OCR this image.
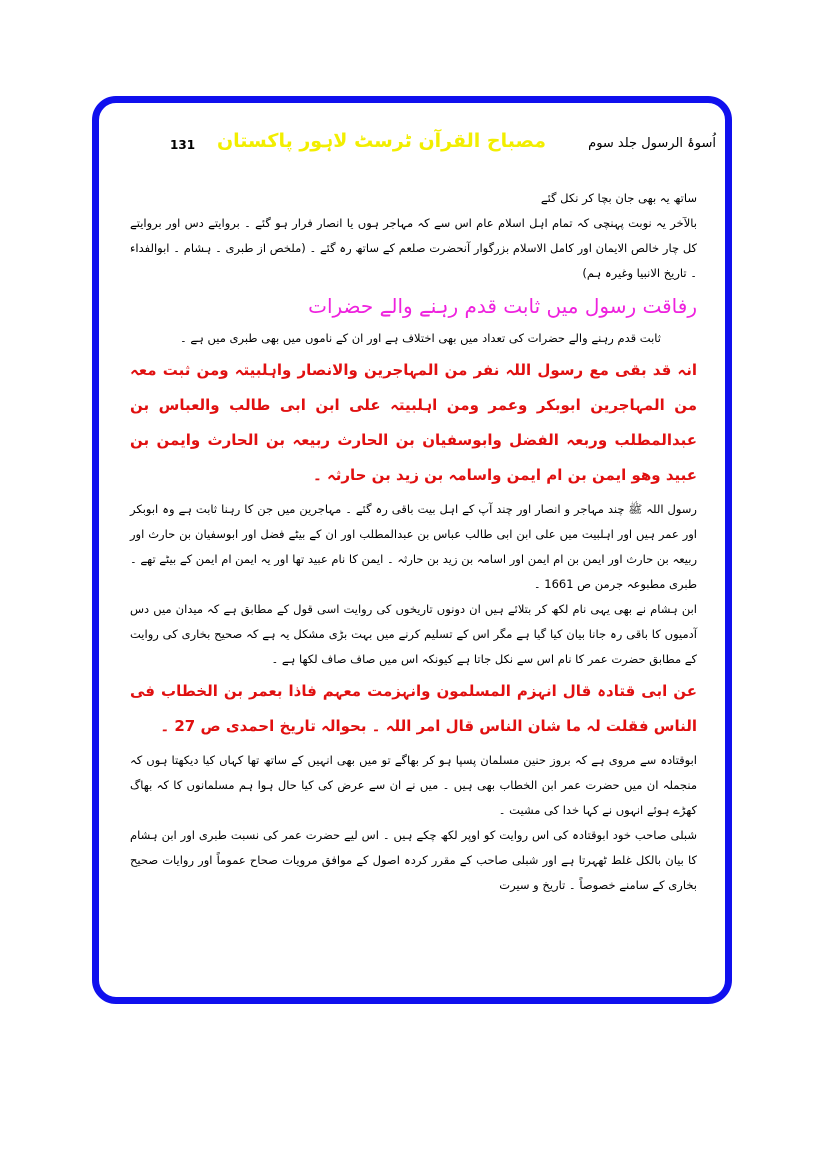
اُسوۂ الرسول جلد سوم
مصباح القرآن ٹرسٹ لاہور پاکستان
131

ساتھ یہ بھی جان بچا کر نکل گئے

بالآخر یہ نوبت پہنچی کہ تمام اہل اسلام عام اس سے کہ مہاجر ہوں یا انصار فرار ہو گئے ۔ بروایتے دس اور بروایتے کل چار خالص الایمان اور کامل الاسلام بزرگوار آنحضرت صلعم کے ساتھ رہ گئے ۔ (ملخص از طبری ۔ ہشام ۔ ابوالفداء ۔ تاریخ الانبیا وغیرہ ہم)

رفاقت رسول میں ثابت قدم رہنے والے حضرات

ثابت قدم رہنے والے حضرات کی تعداد میں بھی اختلاف ہے اور ان کے ناموں میں بھی طبری میں ہے ۔

انہ قد بقی مع رسول اللہ نفر من المہاجرین والانصار واہلبیتہ ومن ثبت معہ من المہاجرین ابوبکر وعمر ومن اہلبیتہ علی ابن ابی طالب والعباس بن عبدالمطلب وربعہ الفضل وابوسفیان بن الحارث ربیعہ بن الحارث وایمن بن عبید وھو ایمن بن ام ایمن واسامہ بن زید بن حارثہ ۔

رسول اللہ ﷺ چند مہاجر و انصار اور چند آپ کے اہل بیت باقی رہ گئے ۔ مہاجرین میں جن کا رہنا ثابت ہے وہ ابوبکر اور عمر ہیں اور اہلبیت میں علی ابن ابی طالب عباس بن عبدالمطلب اور ان کے بیٹے فضل اور ابوسفیان بن حارث اور ربیعہ بن حارث اور ایمن بن ام ایمن اور اسامہ بن زید بن حارثہ ۔ ایمن کا نام عبید تھا اور یہ ایمن ام ایمن کے بیٹے تھے ۔ طبری مطبوعہ جرمن ص 1661 ۔

ابن ہشام نے بھی یہی نام لکھ کر بتلائے ہیں ان دونوں تاریخوں کی روایت اسی قول کے مطابق ہے کہ میدان میں دس آدمیوں کا باقی رہ جانا بیان کیا گیا ہے مگر اس کے تسلیم کرنے میں بہت بڑی مشکل یہ ہے کہ صحیح بخاری کی روایت کے مطابق حضرت عمر کا نام اس سے نکل جاتا ہے کیونکہ اس میں صاف صاف لکھا ہے ۔

عن ابی قتادہ قال انہزم المسلمون وانہزمت معہم فاذا بعمر بن الخطاب فی الناس فقلت لہ ما شان الناس قال امر اللہ ۔ بحوالہ تاریخ احمدی ص 27 ۔

ابوقتادہ سے مروی ہے کہ بروز حنین مسلمان پسپا ہو کر بھاگے تو میں بھی انہیں کے ساتھ تھا کہاں کیا دیکھتا ہوں کہ منجملہ ان میں حضرت عمر ابن الخطاب بھی ہیں ۔ میں نے ان سے عرض کی کیا حال ہوا ہم مسلمانوں کا کہ بھاگ کھڑے ہوئے انہوں نے کہا خدا کی مشیت ۔

شبلی صاحب خود ابوقتادہ کی اس روایت کو اوپر لکھ چکے ہیں ۔ اس لیے حضرت عمر کی نسبت طبری اور ابن ہشام کا بیان بالکل غلط ٹھہرتا ہے اور شبلی صاحب کے مقرر کردہ اصول کے موافق مرویات صحاح عموماً اور روایات صحیح بخاری کے سامنے خصوصاً ۔ تاریخ و سیرت
